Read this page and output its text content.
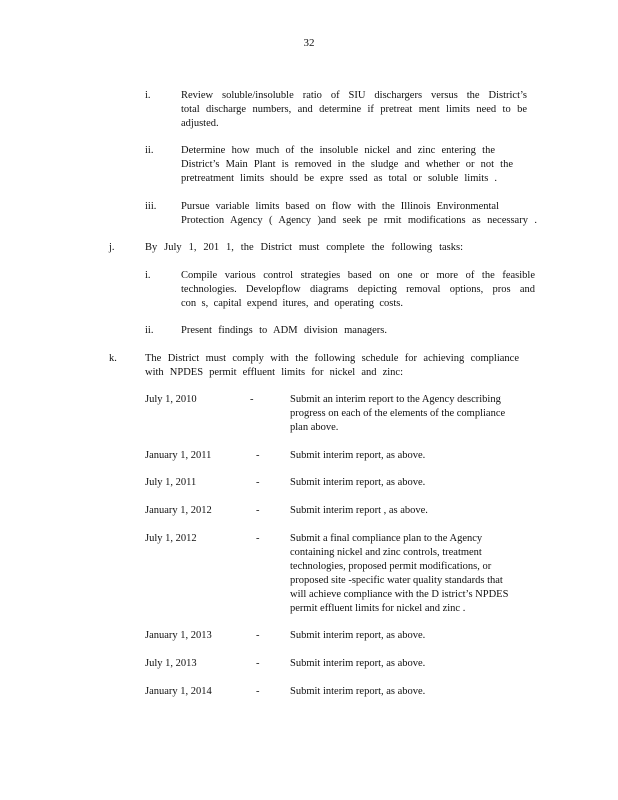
32
i.	Review soluble/insoluble ratio of SIU dischargers versus the District’s
total discharge numbers, and determine if pretreat ment limits need to be
adjusted.
ii.	Determine how much of the insoluble nickel and zinc entering the
District’s Main Plant is removed in the sludge and whether or not the
pretreatment limits should be expre ssed as total or soluble limits .
iii.	Pursue variable limits based on flow with the Illinois Environmental
Protection Agency ( Agency )and seek pe rmit modifications as necessary .
j.	By July 1, 201 1, the District must complete the following tasks:
i.	Compile various control strategies based on one or more of the feasible
technologies. Developflow diagrams depicting removal options, pros and
con s, capital expend itures, and operating costs.
ii.	Present findings to ADM division managers.
k.	The District must comply with the following schedule for achieving compliance
with NPDES permit effluent limits for nickel and zinc:
July 1, 2010	-	Submit an interim report to the Agency describing
progress on each of the elements of the compliance
plan above.
January 1, 2011	-	Submit interim report, as above.
July 1, 2011	-	Submit interim report, as above.
January 1, 2012	-	Submit interim report , as above.
July 1, 2012	-	Submit a final compliance plan to the Agency
containing nickel and zinc controls, treatment
technologies, proposed permit modifications, or
proposed site -specific water quality standards that
will achieve compliance with the D istrict’s NPDES
permit effluent limits for nickel and zinc .
January 1, 2013	-	Submit interim report, as above.
July 1, 2013	-	Submit interim report, as above.
January 1, 2014	-	Submit interim report, as above.
